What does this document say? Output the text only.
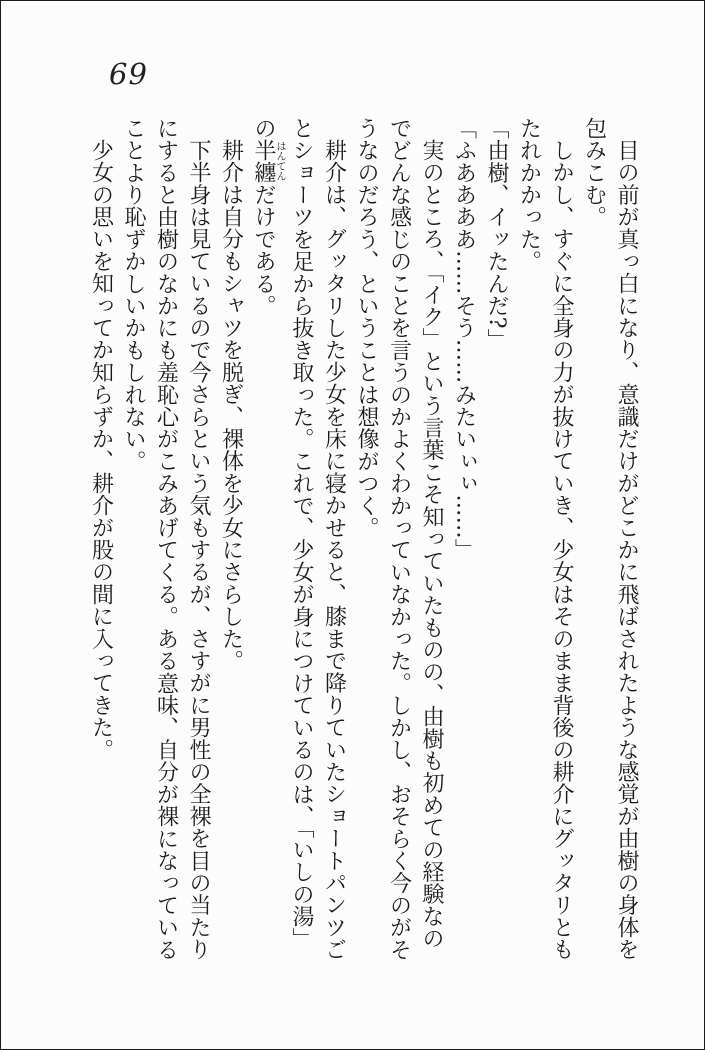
69

目の前が真っ白になり、意識だけがどこかに飛ばされたような感覚が由樹の身体を

包みこむ。

しかし、すぐに全身の力が抜けていき、少女はそのまま背後の耕介にグッタリとも

たれかかった。

「由樹、イッたんだ?」

「ふああああ……そう……みたいぃぃ……」

実のところ、「イク」という言葉こそ知っていたものの、由樹も初めての経験なの

でどんな感じのことを言うのかよくわかっていなかった。しかし、おそらく今のがそ

うなのだろう、ということは想像がつく。

耕介は、グッタリした少女を床に寝かせると、膝まで降りていたショートパンツご

とショーツを足から抜き取った。これで、少女が身につけているのは、「いしの湯」

の半纏はんてんだけである。

耕介は自分もシャツを脱ぎ、裸体を少女にさらした。

下半身は見ているので今さらという気もするが、さすがに男性の全裸を目の当たり

にすると由樹のなかにも羞恥心がこみあげてくる。ある意味、自分が裸になっている

ことより恥ずかしいかもしれない。

少女の思いを知ってか知らずか、耕介が股の間に入ってきた。
